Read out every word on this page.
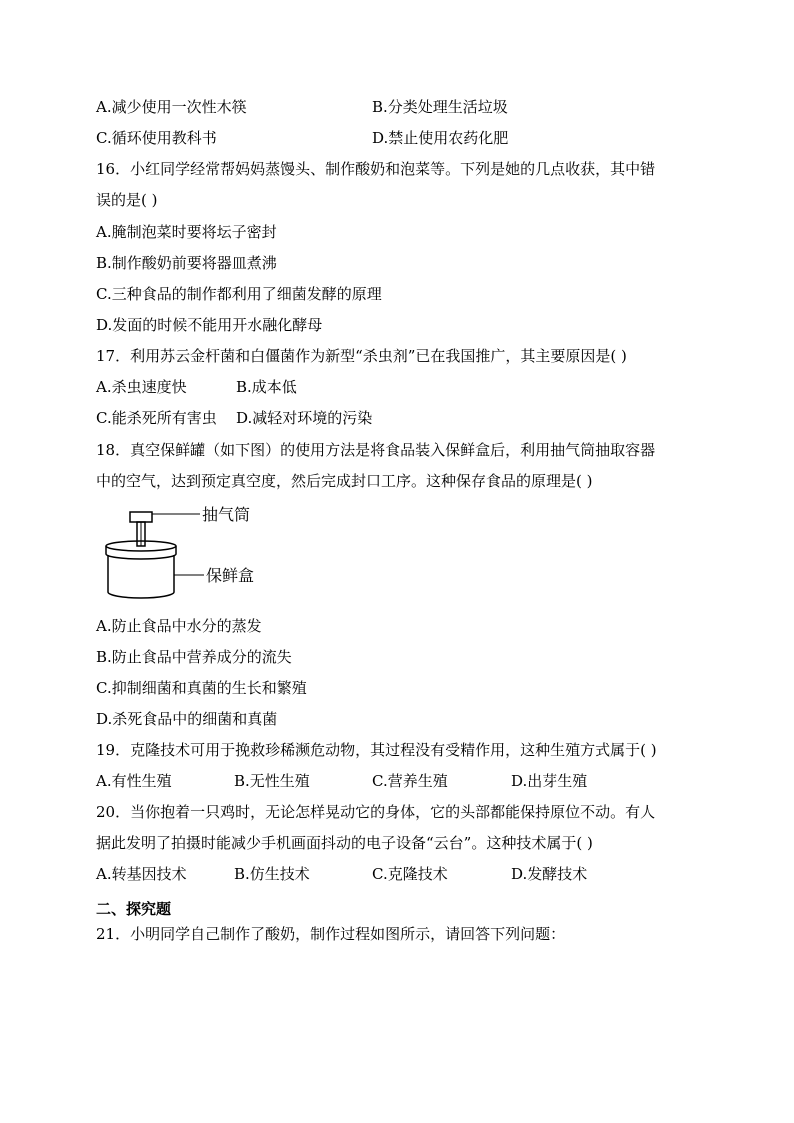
A.减少使用一次性木筷	B.分类处理生活垃圾
C.循环使用教科书	D.禁止使用农药化肥
16．小红同学经常帮妈妈蒸馒头、制作酸奶和泡菜等。下列是她的几点收获，其中错
误的是( )
A.腌制泡菜时要将坛子密封
B.制作酸奶前要将器皿煮沸
C.三种食品的制作都利用了细菌发酵的原理
D.发面的时候不能用开水融化酵母
17．利用苏云金杆菌和白僵菌作为新型“杀虫剂”已在我国推广，其主要原因是( )
A.杀虫速度快	B.成本低
C.能杀死所有害虫 D.减轻对环境的污染
18．真空保鲜罐（如下图）的使用方法是将食品装入保鲜盒后，利用抽气筒抽取容器
中的空气，达到预定真空度，然后完成封口工序。这种保存食品的原理是( )
抽气筒
保鲜盒
A.防止食品中水分的蒸发
B.防止食品中营养成分的流失
C.抑制细菌和真菌的生长和繁殖
D.杀死食品中的细菌和真菌
19．克隆技术可用于挽救珍稀濒危动物，其过程没有受精作用，这种生殖方式属于( )
A.有性生殖	B.无性生殖	C.营养生殖	D.出芽生殖
20．当你抱着一只鸡时，无论怎样晃动它的身体，它的头部都能保持原位不动。有人
据此发明了拍摄时能减少手机画面抖动的电子设备“云台”。这种技术属于( )
A.转基因技术	B.仿生技术	C.克隆技术	D.发酵技术
二、探究题
21．小明同学自己制作了酸奶，制作过程如图所示，请回答下列问题：
